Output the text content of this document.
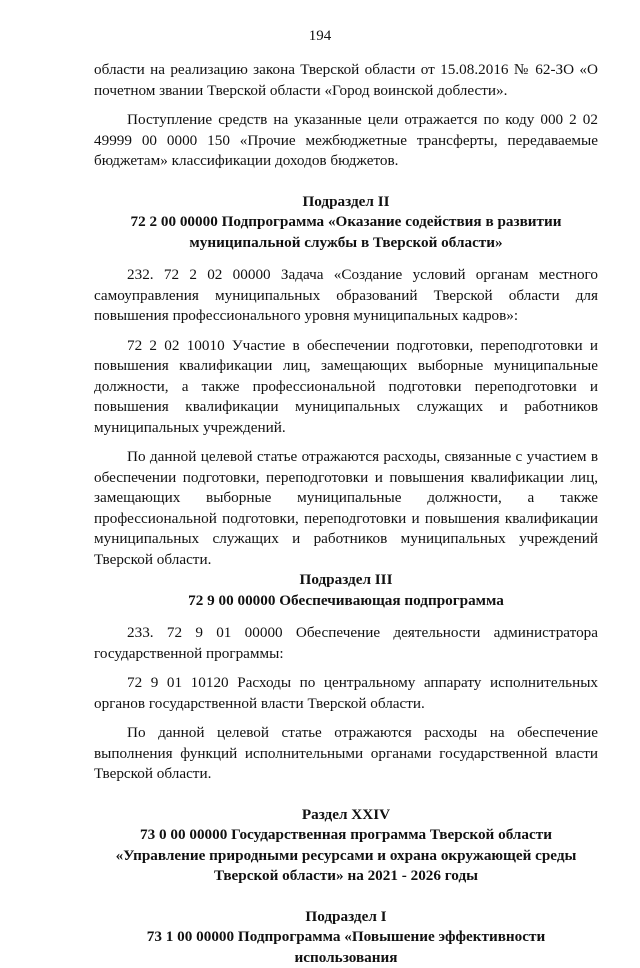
194

области на реализацию закона Тверской области от 15.08.2016 № 62-ЗО «О почетном звании Тверской области «Город воинской доблести».

Поступление средств на указанные цели отражается по коду 000 2 02 49999 00 0000 150 «Прочие межбюджетные трансферты, передаваемые бюджетам» классификации доходов бюджетов.

Подраздел II
72 2 00 00000 Подпрограмма «Оказание содействия в развитии
муниципальной службы в Тверской области»

232. 72 2 02 00000 Задача «Создание условий органам местного самоуправления муниципальных образований Тверской области для повышения профессионального уровня муниципальных кадров»:

72 2 02 10010 Участие в обеспечении подготовки, переподготовки и повышения квалификации лиц, замещающих выборные муниципальные должности, а также профессиональной подготовки переподготовки и повышения квалификации муниципальных служащих и работников муниципальных учреждений.

По данной целевой статье отражаются расходы, связанные с участием в обеспечении подготовки, переподготовки и повышения квалификации лиц, замещающих выборные муниципальные должности, а также профессиональной подготовки, переподготовки и повышения квалификации муниципальных служащих и работников муниципальных учреждений Тверской области.

Подраздел III
72 9 00 00000 Обеспечивающая подпрограмма

233. 72 9 01 00000 Обеспечение деятельности администратора государственной программы:

72 9 01 10120 Расходы по центральному аппарату исполнительных органов государственной власти Тверской области.

По данной целевой статье отражаются расходы на обеспечение выполнения функций исполнительными органами государственной власти Тверской области.

Раздел XXIV
73 0 00 00000 Государственная программа Тверской области
«Управление природными ресурсами и охрана окружающей среды
Тверской области» на 2021 - 2026 годы
Подраздел I
73 1 00 00000 Подпрограмма «Повышение эффективности использования
